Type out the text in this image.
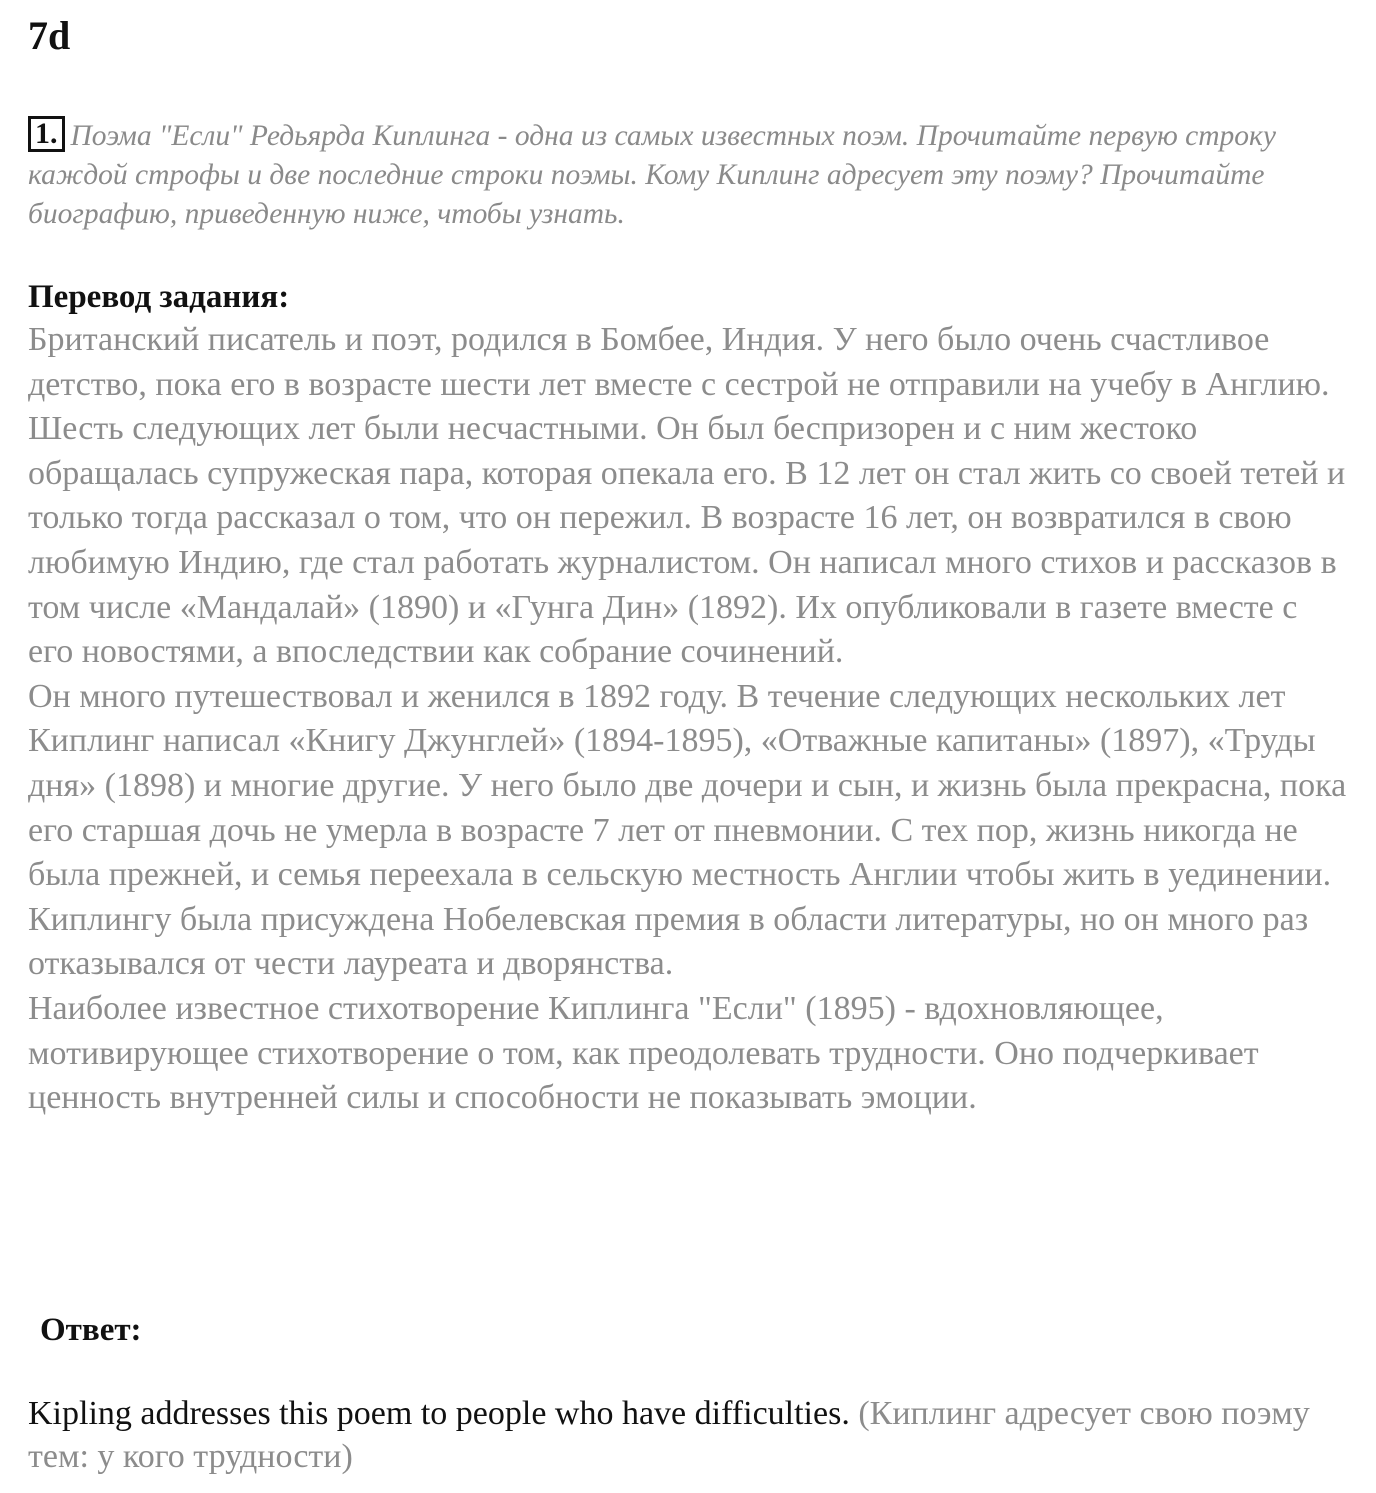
7d

1. Поэма "Если" Редьярда Киплинга - одна из самых известных поэм. Прочитайте первую строку каждой строфы и две последние строки поэмы. Кому Киплинг адресует эту поэму? Прочитайте биографию, приведенную ниже, чтобы узнать.

Перевод задания:

Британский писатель и поэт, родился в Бомбее, Индия. У него было очень счастливое детство, пока его в возрасте шести лет вместе с сестрой не отправили на учебу в Англию. Шесть следующих лет были несчастными. Он был беспризорен и с ним жестоко обращалась супружеская пара, которая опекала его. В 12 лет он стал жить со своей тетей и только тогда рассказал о том, что он пережил. В возрасте 16 лет, он возвратился в свою любимую Индию, где стал работать журналистом. Он написал много стихов и рассказов в том числе «Мандалай» (1890) и «Гунга Дин» (1892). Их опубликовали в газете вместе с его новостями, а впоследствии как собрание сочинений.

Он много путешествовал и женился в 1892 году. В течение следующих нескольких лет Киплинг написал «Книгу Джунглей» (1894-1895), «Отважные капитаны» (1897), «Труды дня» (1898) и многие другие. У него было две дочери и сын, и жизнь была прекрасна, пока его старшая дочь не умерла в возрасте 7 лет от пневмонии. С тех пор, жизнь никогда не была прежней, и семья переехала в сельскую местность Англии чтобы жить в уединении. Киплингу была присуждена Нобелевская премия в области литературы, но он много раз отказывался от чести лауреата и дворянства.

Наиболее известное стихотворение Киплинга "Если" (1895) - вдохновляющее, мотивирующее стихотворение о том, как преодолевать трудности. Оно подчеркивает ценность внутренней силы и способности не показывать эмоции.

Ответ:

Kipling addresses this poem to people who have difficulties. (Киплинг адресует свою поэму тем: у кого трудности)
